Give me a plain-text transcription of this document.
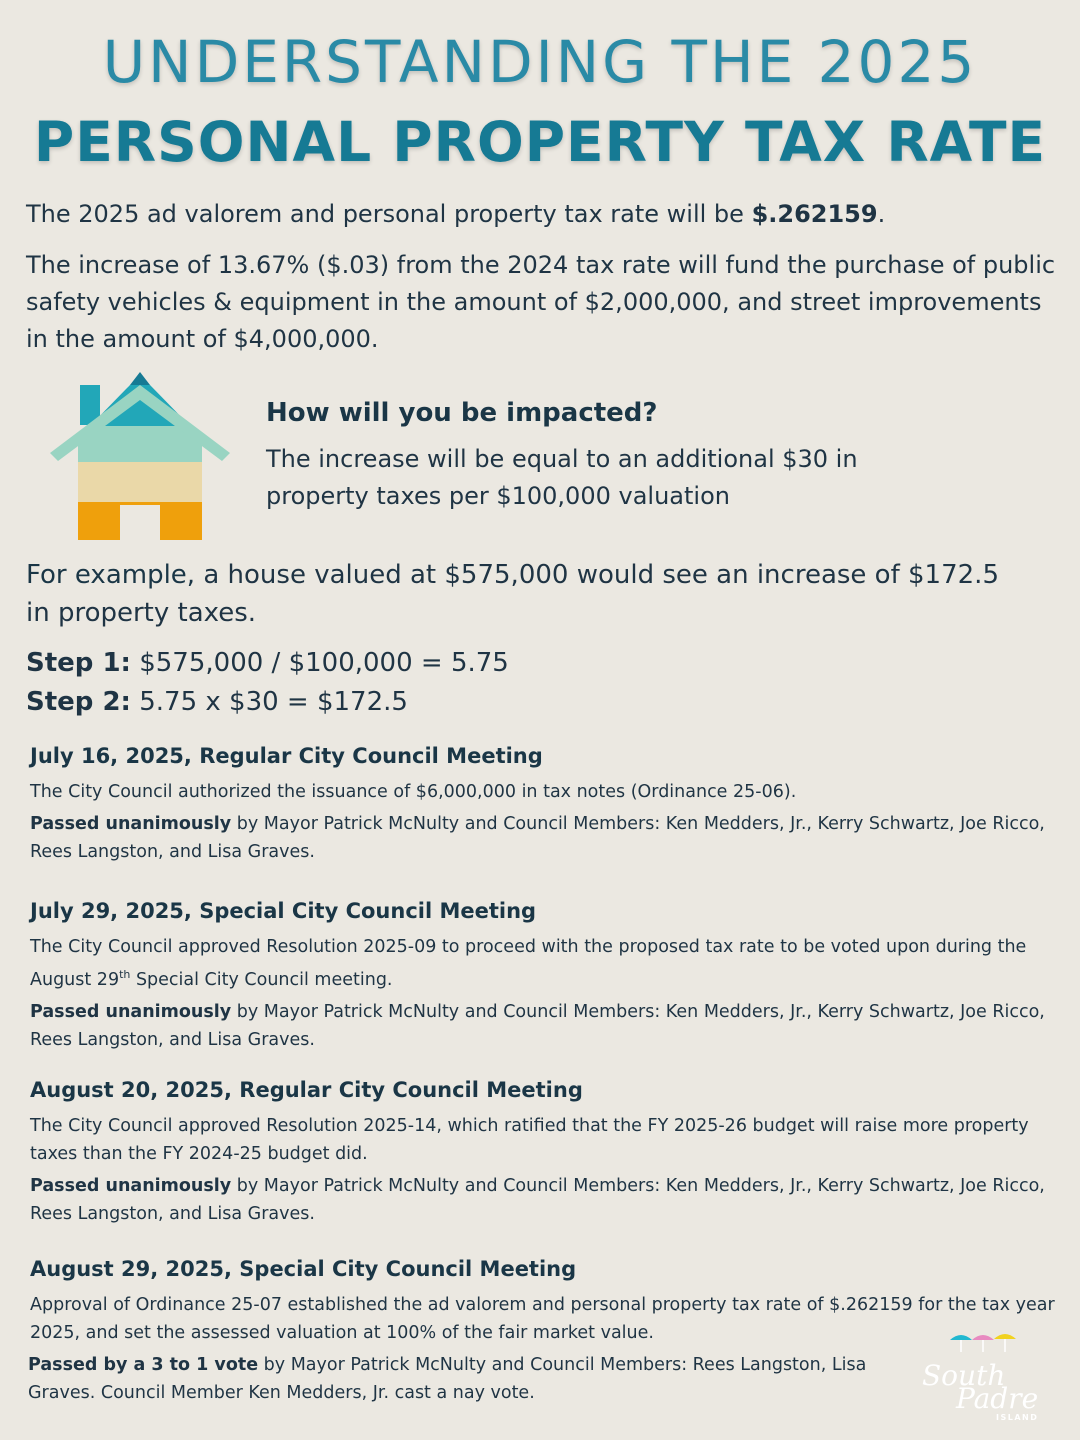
UNDERSTANDING THE 2025
PERSONAL PROPERTY TAX RATE
The 2025 ad valorem and personal property tax rate will be $.262159.
The increase of 13.67% ($.03) from the 2024 tax rate will fund the purchase of public safety vehicles & equipment in the amount of $2,000,000, and street improvements in the amount of $4,000,000.
How will you be impacted?
The increase will be equal to an additional $30 in property taxes per $100,000 valuation
For example, a house valued at $575,000 would see an increase of $172.5 in property taxes.
Step 1: $575,000 / $100,000 = 5.75
Step 2: 5.75 x $30 = $172.5
July 16, 2025, Regular City Council Meeting

The City Council authorized the issuance of $6,000,000 in tax notes (Ordinance 25-06).

Passed unanimously by Mayor Patrick McNulty and Council Members: Ken Medders, Jr., Kerry Schwartz, Joe Ricco, Rees Langston, and Lisa Graves.

July 29, 2025, Special City Council Meeting

The City Council approved Resolution 2025-09 to proceed with the proposed tax rate to be voted upon during the August 29th Special City Council meeting.

Passed unanimously by Mayor Patrick McNulty and Council Members: Ken Medders, Jr., Kerry Schwartz, Joe Ricco, Rees Langston, and Lisa Graves.

August 20, 2025, Regular City Council Meeting

The City Council approved Resolution 2025-14, which ratified that the FY 2025-26 budget will raise more property taxes than the FY 2024-25 budget did.

Passed unanimously by Mayor Patrick McNulty and Council Members: Ken Medders, Jr., Kerry Schwartz, Joe Ricco, Rees Langston, and Lisa Graves.

August 29, 2025, Special City Council Meeting

Approval of Ordinance 25-07 established the ad valorem and personal property tax rate of $.262159 for the tax year 2025, and set the assessed valuation at 100% of the fair market value.

Passed by a 3 to 1 vote by Mayor Patrick McNulty and Council Members: Rees Langston, Lisa Graves. Council Member Ken Medders, Jr. cast a nay vote.

South
Padre
ISLAND
